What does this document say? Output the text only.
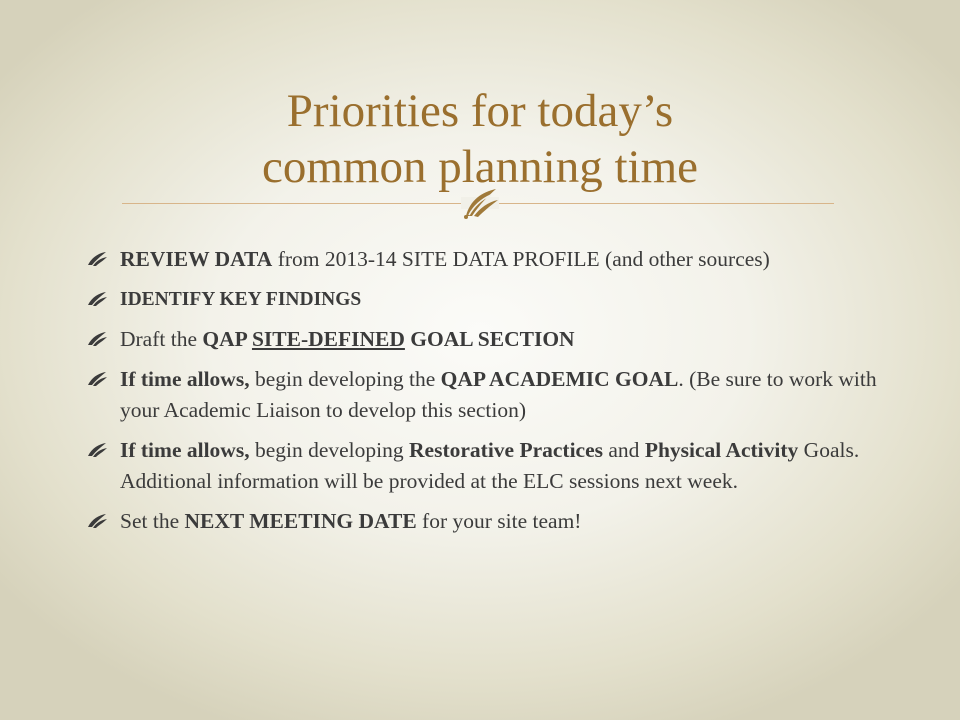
Priorities for today’s
common planning time
REVIEW DATA from 2013-14 SITE DATA PROFILE (and other sources)
IDENTIFY KEY FINDINGS
Draft the QAP SITE-DEFINED GOAL SECTION
If time allows, begin developing the QAP ACADEMIC GOAL. (Be sure to work with your Academic Liaison to develop this section)
If time allows, begin developing Restorative Practices and Physical Activity Goals. Additional information will be provided at the ELC sessions next week.
Set the NEXT MEETING DATE for your site team!
